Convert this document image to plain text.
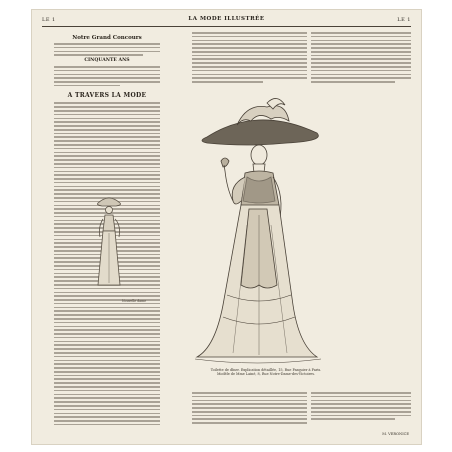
LE 1	LA MODE ILLUSTRÉE	LE 1
Notre Grand Concours
CINQUANTE ANS
A TRAVERS LA MODE
Nouvelle dame
Toilette de dîner. Explication détaillée, 15, Rue Pasquier à Paris. Modèle de Mme Lainé, 8, Rue Notre-Dame-des-Victoires.
M. VERONICE
